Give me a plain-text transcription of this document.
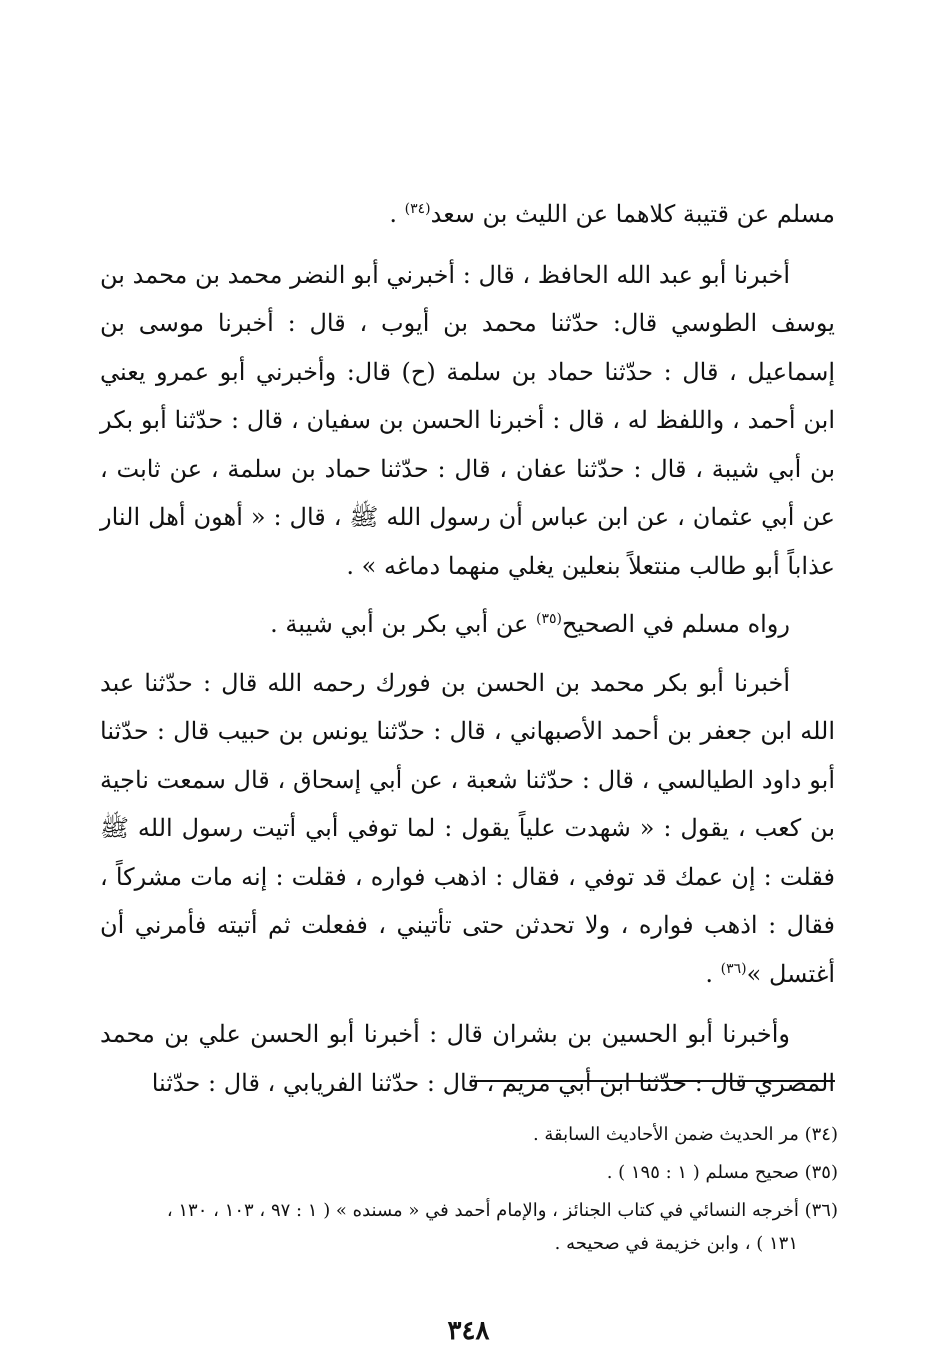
مسلم عن قتيبة كلاهما عن الليث بن سعد$^{(٣٤)}$ .

أخبرنا أبو عبد الله الحافظ ، قال : أخبرني أبو النضر محمد بن محمد بن يوسف الطوسي قال: حدّثنا محمد بن أيوب ، قال : أخبرنا موسى بن إسماعيل ، قال : حدّثنا حماد بن سلمة (ح) قال: وأخبرني أبو عمرو يعني ابن أحمد ، واللفظ له ، قال : أخبرنا الحسن بن سفيان ، قال : حدّثنا أبو بكر بن أبي شيبة ، قال : حدّثنا عفان ، قال : حدّثنا حماد بن سلمة ، عن ثابت ، عن أبي عثمان ، عن ابن عباس أن رسول الله ﷺ ، قال : « أهون أهل النار عذاباً أبو طالب منتعلاً بنعلين يغلي منهما دماغه » .

رواه مسلم في الصحيح$^{(٣٥)}$ عن أبي بكر بن أبي شيبة .

أخبرنا أبو بكر محمد بن الحسن بن فورك رحمه الله قال : حدّثنا عبد الله ابن جعفر بن أحمد الأصبهاني ، قال : حدّثنا يونس بن حبيب قال : حدّثنا أبو داود الطيالسي ، قال : حدّثنا شعبة ، عن أبي إسحاق ، قال سمعت ناجية بن كعب ، يقول : « شهدت علياً يقول : لما توفي أبي أتيت رسول الله ﷺ فقلت : إن عمك قد توفي ، فقال : اذهب فواره ، فقلت : إنه مات مشركاً ، فقال : اذهب فواره ، ولا تحدثن حتى تأتيني ، ففعلت ثم أتيته فأمرني أن أغتسل »$^{(٣٦)}$ .

وأخبرنا أبو الحسين بن بشران قال : أخبرنا أبو الحسن علي بن محمد المصري قال : حدّثنا ابن أبي مريم ، قال : حدّثنا الفريابي ، قال : حدّثنا

(٣٤) مر الحديث ضمن الأحاديث السابقة .

(٣٥) صحيح مسلم ( ١ : ١٩٥ ) .

(٣٦) أخرجه النسائي في كتاب الجنائز ، والإمام أحمد في « مسنده » ( ١ : ٩٧ ، ١٠٣ ، ١٣٠ ،
١٣١ ) ، وابن خزيمة في صحيحه .

٣٤٨
